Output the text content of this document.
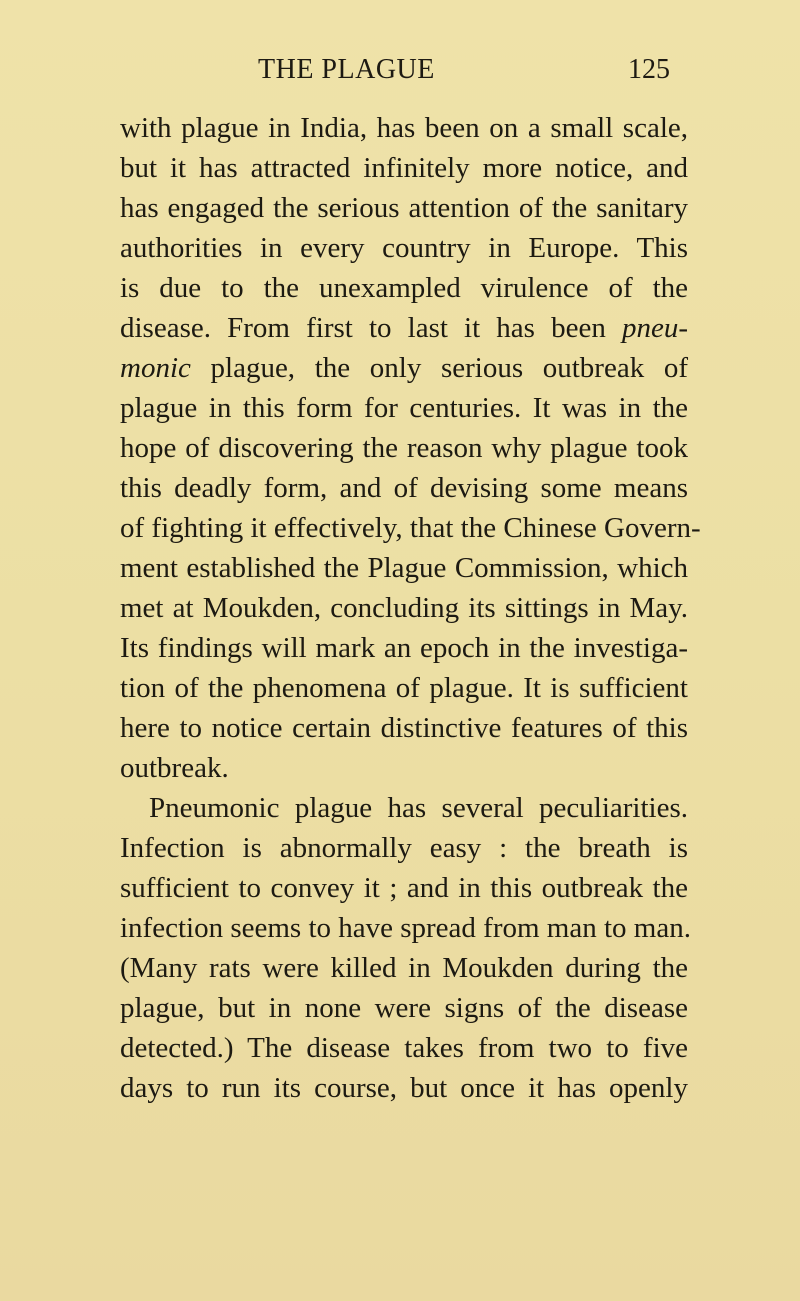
THE PLAGUE	125
with plague in India, has been on a small scale,
but it has attracted infinitely more notice, and
has engaged the serious attention of the sanitary
authorities in every country in Europe. This
is due to the unexampled virulence of the
disease. From first to last it has been pneu-
monic plague, the only serious outbreak of
plague in this form for centuries. It was in the
hope of discovering the reason why plague took
this deadly form, and of devising some means
of fighting it effectively, that the Chinese Govern-
ment established the Plague Commission, which
met at Moukden, concluding its sittings in May.
Its findings will mark an epoch in the investiga-
tion of the phenomena of plague. It is sufficient
here to notice certain distinctive features of this
outbreak.
Pneumonic plague has several peculiarities.
Infection is abnormally easy : the breath is
sufficient to convey it ; and in this outbreak the
infection seems to have spread from man to man.
(Many rats were killed in Moukden during the
plague, but in none were signs of the disease
detected.) The disease takes from two to five
days to run its course, but once it has openly
